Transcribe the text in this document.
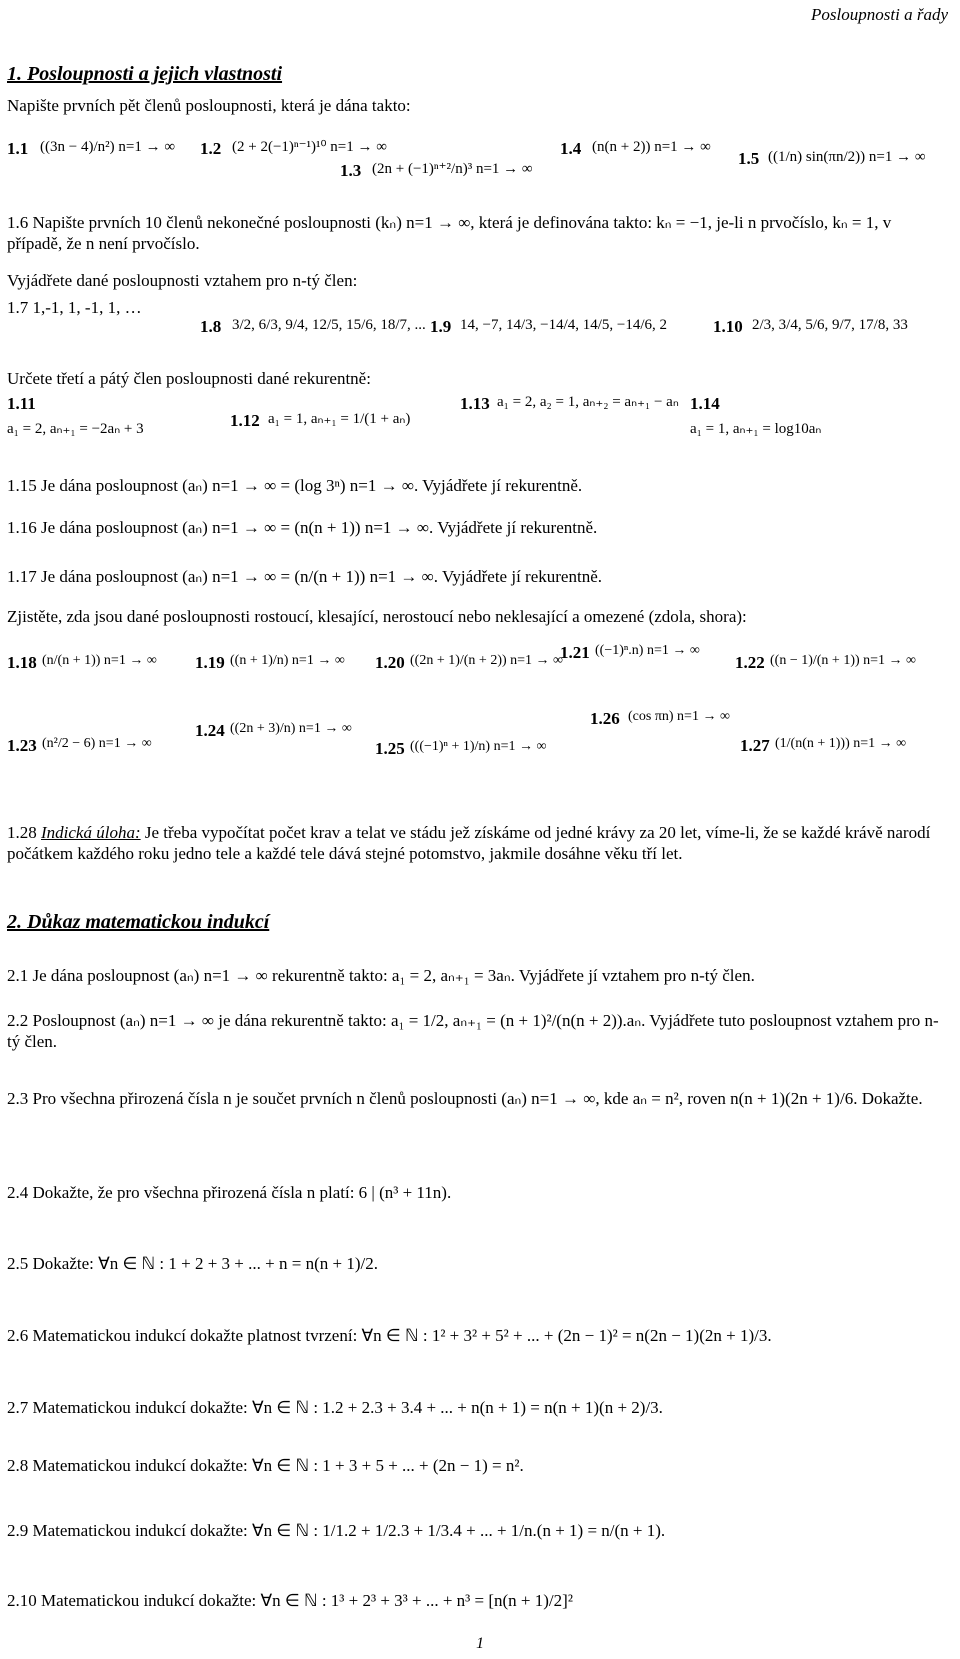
Posloupnosti a řady
1. Posloupnosti a jejich vlastnosti
Napište prvních pět členů posloupnosti, která je dána takto:
1.1 ((3n − 4)/n²) n=1 → ∞ 1.2 (2 + 2(−1)ⁿ⁻¹)¹⁰ n=1 → ∞
1.3 (2n + (−1)ⁿ⁺²/n)³ n=1 → ∞
1.4 (n(n + 2)) n=1 → ∞
1.5 ((1/n) sin(πn/2)) n=1 → ∞
1.6 Napište prvních 10 členů nekonečné posloupnosti (kₙ) n=1 → ∞, která je definována takto: kₙ = −1, je-li n prvočíslo, kₙ = 1, v případě, že n není prvočíslo.
Vyjádřete dané posloupnosti vztahem pro n-tý člen:
1.7 1,-1, 1, -1, 1, …
1.8 3/2, 6/3, 9/4, 12/5, 15/6, 18/7, ... 1.9 14, −7, 14/3, −14/4, 14/5, −14/6, 2	1.10 2/3, 3/4, 5/6, 9/7, 17/8, 33
Určete třetí a pátý člen posloupnosti dané rekurentně:
1.11
a₁ = 2, aₙ₊₁ = −2aₙ + 3	1.12 a₁ = 1, aₙ₊₁ = 1/(1 + aₙ)
1.13 a₁ = 2, a₂ = 1, aₙ₊₂ = aₙ₊₁ − aₙ 1.14
a₁ = 1, aₙ₊₁ = log10aₙ
1.15 Je dána posloupnost (aₙ) n=1 → ∞ = (log 3ⁿ) n=1 → ∞. Vyjádřete jí rekurentně.
1.16 Je dána posloupnost (aₙ) n=1 → ∞ = (n(n + 1)) n=1 → ∞. Vyjádřete jí rekurentně.
1.17 Je dána posloupnost (aₙ) n=1 → ∞ = (n/(n + 1)) n=1 → ∞. Vyjádřete jí rekurentně.
Zjistěte, zda jsou dané posloupnosti rostoucí, klesající, nerostoucí nebo neklesající a omezené (zdola, shora):
1.18 (n/(n + 1)) n=1 → ∞ 1.19 ((n + 1)/n) n=1 → ∞ 1.20 ((2n + 1)/(n + 2)) n=1 → ∞
1.21 ((−1)ⁿ.n) n=1 → ∞
1.22 ((n − 1)/(n + 1)) n=1 → ∞
1.23 (n²/2 − 6) n=1 → ∞
1.24 ((2n + 3)/n) n=1 → ∞
1.25 (((−1)ⁿ + 1)/n) n=1 → ∞
1.26 (cos πn) n=1 → ∞
1.27 (1/(n(n + 1))) n=1 → ∞
1.28 Indická úloha: Je třeba vypočítat počet krav a telat ve stádu jež získáme od jedné krávy za 20 let, víme-li, že se každé krávě narodí počátkem každého roku jedno tele a každé tele dává stejné potomstvo, jakmile dosáhne věku tří let.
2. Důkaz matematickou indukcí
2.1 Je dána posloupnost (aₙ) n=1 → ∞ rekurentně takto: a₁ = 2, aₙ₊₁ = 3aₙ. Vyjádřete jí vztahem pro n-tý člen.
2.2 Posloupnost (aₙ) n=1 → ∞ je dána rekurentně takto: a₁ = 1/2, aₙ₊₁ = (n + 1)²/(n(n + 2)).aₙ. Vyjádřete tuto posloupnost vztahem pro n-tý člen.
2.3 Pro všechna přirozená čísla n je součet prvních n členů posloupnosti (aₙ) n=1 → ∞, kde aₙ = n², roven n(n + 1)(2n + 1)/6. Dokažte.
2.4 Dokažte, že pro všechna přirozená čísla n platí: 6 | (n³ + 11n).
2.5 Dokažte: ∀n ∈ ℕ : 1 + 2 + 3 + ... + n = n(n + 1)/2.
2.6 Matematickou indukcí dokažte platnost tvrzení: ∀n ∈ ℕ : 1² + 3² + 5² + ... + (2n − 1)² = n(2n − 1)(2n + 1)/3.
2.7 Matematickou indukcí dokažte: ∀n ∈ ℕ : 1.2 + 2.3 + 3.4 + ... + n(n + 1) = n(n + 1)(n + 2)/3.
2.8 Matematickou indukcí dokažte: ∀n ∈ ℕ : 1 + 3 + 5 + ... + (2n − 1) = n².
2.9 Matematickou indukcí dokažte: ∀n ∈ ℕ : 1/1.2 + 1/2.3 + 1/3.4 + ... + 1/n.(n + 1) = n/(n + 1).
2.10 Matematickou indukcí dokažte: ∀n ∈ ℕ : 1³ + 2³ + 3³ + ... + n³ = [n(n + 1)/2]²
1
